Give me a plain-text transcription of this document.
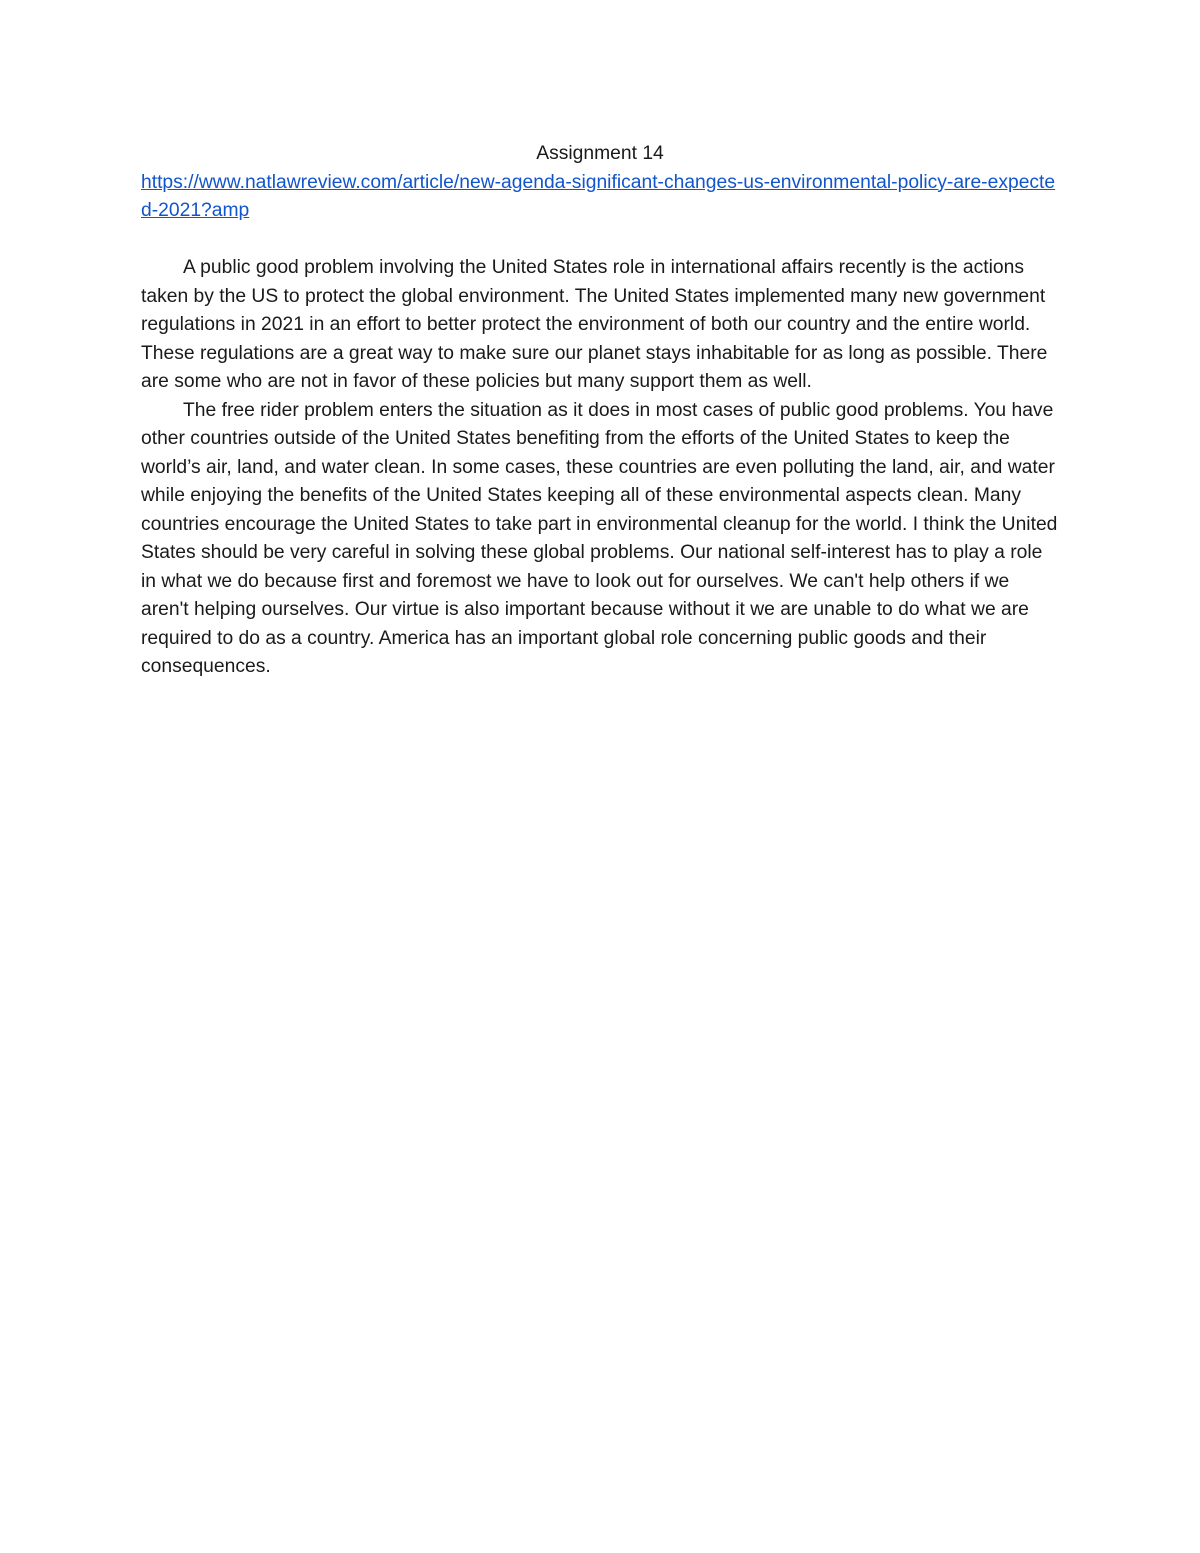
Assignment 14
https://www.natlawreview.com/article/new-agenda-significant-changes-us-environmental-policy-are-expected-2021?amp

A public good problem involving the United States role in international affairs recently is the actions taken by the US to protect the global environment. The United States implemented many new government regulations in 2021 in an effort to better protect the environment of both our country and the entire world. These regulations are a great way to make sure our planet stays inhabitable for as long as possible. There are some who are not in favor of these policies but many support them as well.

The free rider problem enters the situation as it does in most cases of public good problems. You have other countries outside of the United States benefiting from the efforts of the United States to keep the world’s air, land, and water clean. In some cases, these countries are even polluting the land, air, and water while enjoying the benefits of the United States keeping all of these environmental aspects clean. Many countries encourage the United States to take part in environmental cleanup for the world. I think the United States should be very careful in solving these global problems. Our national self-interest has to play a role in what we do because first and foremost we have to look out for ourselves. We can't help others if we aren't helping ourselves. Our virtue is also important because without it we are unable to do what we are required to do as a country. America has an important global role concerning public goods and their consequences.
